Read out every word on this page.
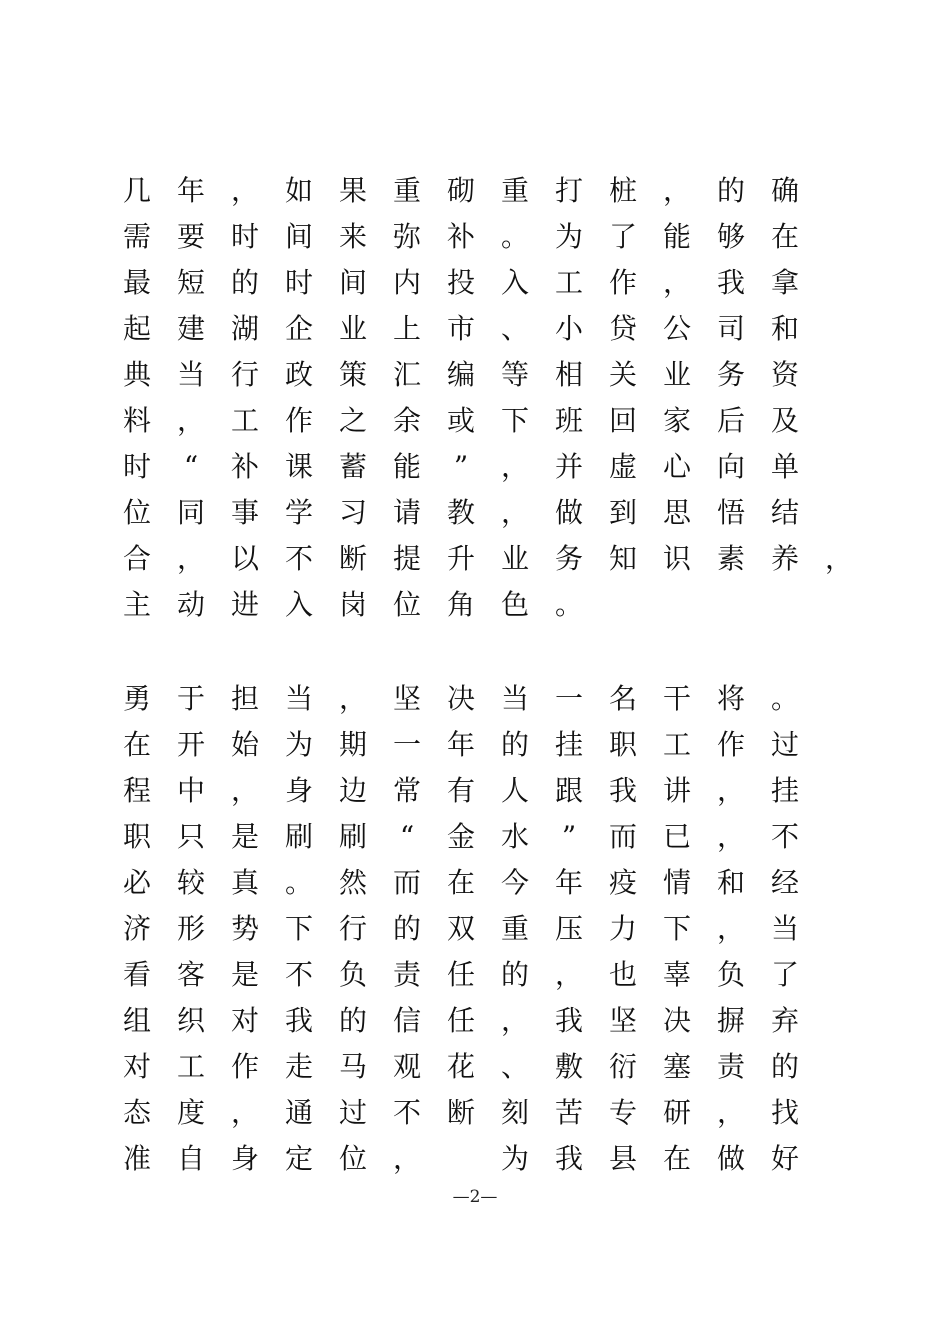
几 年 ， 如 果 重 砌 重 打 桩 ， 的 确
需 要 时 间 来 弥 补 。 为 了 能 够 在
最 短 的 时 间 内 投 入 工 作 ， 我 拿
起 建 湖 企 业 上 市 、 小 贷 公 司 和
典 当 行 政 策 汇 编 等 相 关 业 务 资
料 ， 工 作 之 余 或 下 班 回 家 后 及
时 “ 补 课 蓄 能 ” ， 并 虚 心 向 单
位 同 事 学 习 请 教 ， 做 到 思 悟 结
合 ， 以 不 断 提 升 业 务 知 识 素 养 ，
主 动 进 入 岗 位 角 色 。
勇 于 担 当 ， 坚 决 当 一 名 干 将 。
在 开 始 为 期 一 年 的 挂 职 工 作 过
程 中 ， 身 边 常 有 人 跟 我 讲 ， 挂
职 只 是 刷 刷 “ 金 水 ” 而 已 ， 不
必 较 真 。 然 而 在 今 年 疫 情 和 经
济 形 势 下 行 的 双 重 压 力 下 ， 当
看 客 是 不 负 责 任 的 ， 也 辜 负 了
组 织 对 我 的 信 任 ， 我 坚 决 摒 弃
对 工 作 走 马 观 花 、 敷 衍 塞 责 的
态 度 ， 通 过 不 断 刻 苦 专 研 ， 找
准 自 身 定 位 ，	为 我 县 在 做 好
—2—
